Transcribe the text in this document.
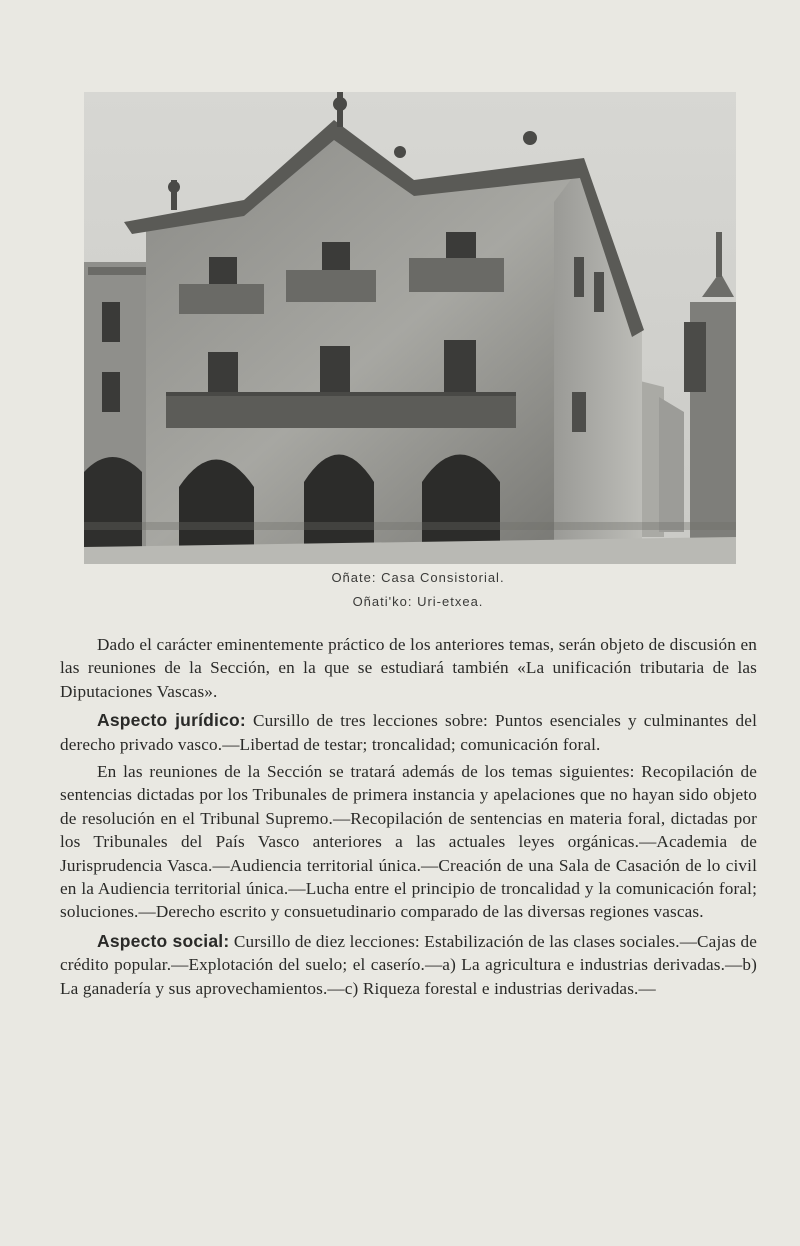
Oñate: Casa Consistorial.
Oñati'ko: Uri-etxea.

Dado el carácter eminentemente práctico de los anteriores temas, serán objeto de discusión en las reuniones de la Sección, en la que se estudiará también «La unificación tributaria de las Diputaciones Vascas».

Aspecto jurídico: Cursillo de tres lecciones sobre: Puntos esenciales y culminantes del derecho privado vasco.—Libertad de testar; troncalidad; comunicación foral.

En las reuniones de la Sección se tratará además de los temas siguientes: Recopilación de sentencias dictadas por los Tribunales de primera instancia y apelaciones que no hayan sido objeto de resolución en el Tribunal Supremo.—Recopilación de sentencias en materia foral, dictadas por los Tribunales del País Vasco anteriores a las actuales leyes orgánicas.—Academia de Jurisprudencia Vasca.—Audiencia territorial única.—Creación de una Sala de Casación de lo civil en la Audiencia territorial única.—Lucha entre el principio de troncalidad y la comunicación foral; soluciones.—Derecho escrito y consuetudinario comparado de las diversas regiones vascas.

Aspecto social: Cursillo de diez lecciones: Estabilización de las clases sociales.—Cajas de crédito popular.—Explotación del suelo; el caserío.—a) La agricultura e industrias derivadas.—b) La ganadería y sus aprovechamientos.—c) Riqueza forestal e industrias derivadas.—
